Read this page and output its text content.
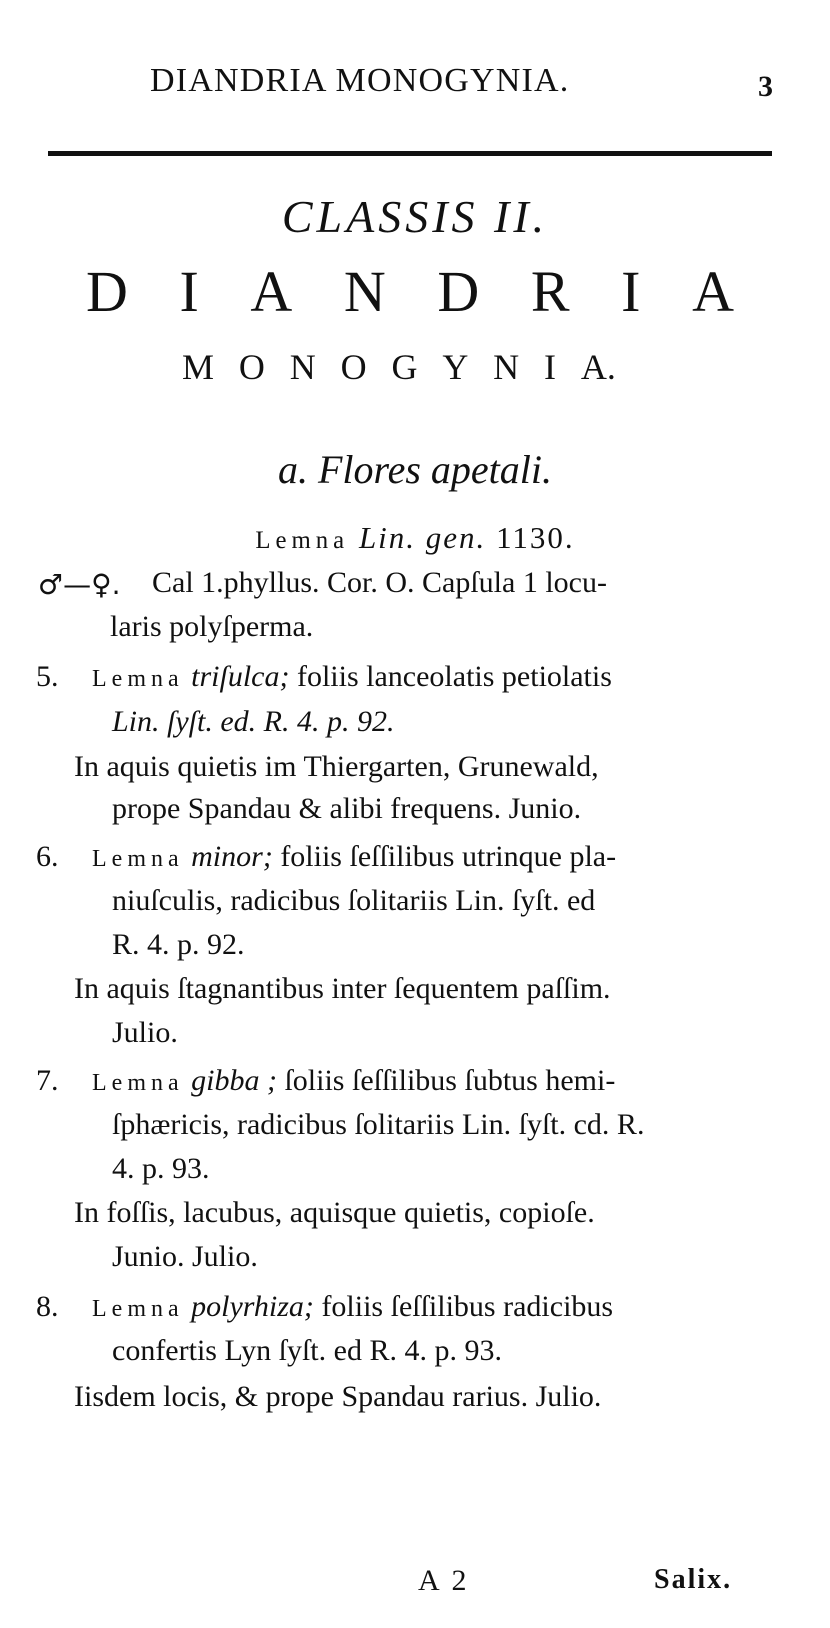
DIANDRIA MONOGYNIA.	3
CLASSIS II.
D I A N D R I A
M O N O G Y N I A.
a. Flores apetali.
Lemna Lin. gen. 1130.
♂—♀. Cal 1.phyllus. Cor. O. Capſula 1 locu-
laris polyſperma.
5. Lemna triſulca; foliis lanceolatis petiolatis
Lin. ſyſt. ed. R. 4. p. 92.
In aquis quietis im Thiergarten, Grunewald,
prope Spandau & alibi frequens. Junio.
6. Lemna minor; foliis ſeſſilibus utrinque pla-
niuſculis, radicibus ſolitariis Lin. ſyſt. ed
R. 4. p. 92.
In aquis ſtagnantibus inter ſequentem paſſim.
Julio.
7. Lemna gibba ; ſoliis ſeſſilibus ſubtus hemi-
ſphæricis, radicibus ſolitariis Lin. ſyſt. cd. R.
4. p. 93.
In foſſis, lacubus, aquisque quietis, copioſe.
Junio. Julio.
8. Lemna polyrhiza; foliis ſeſſilibus radicibus
confertis Lyn ſyſt. ed R. 4. p. 93.
Iisdem locis, & prope Spandau rarius. Julio.
A 2	Salix.
